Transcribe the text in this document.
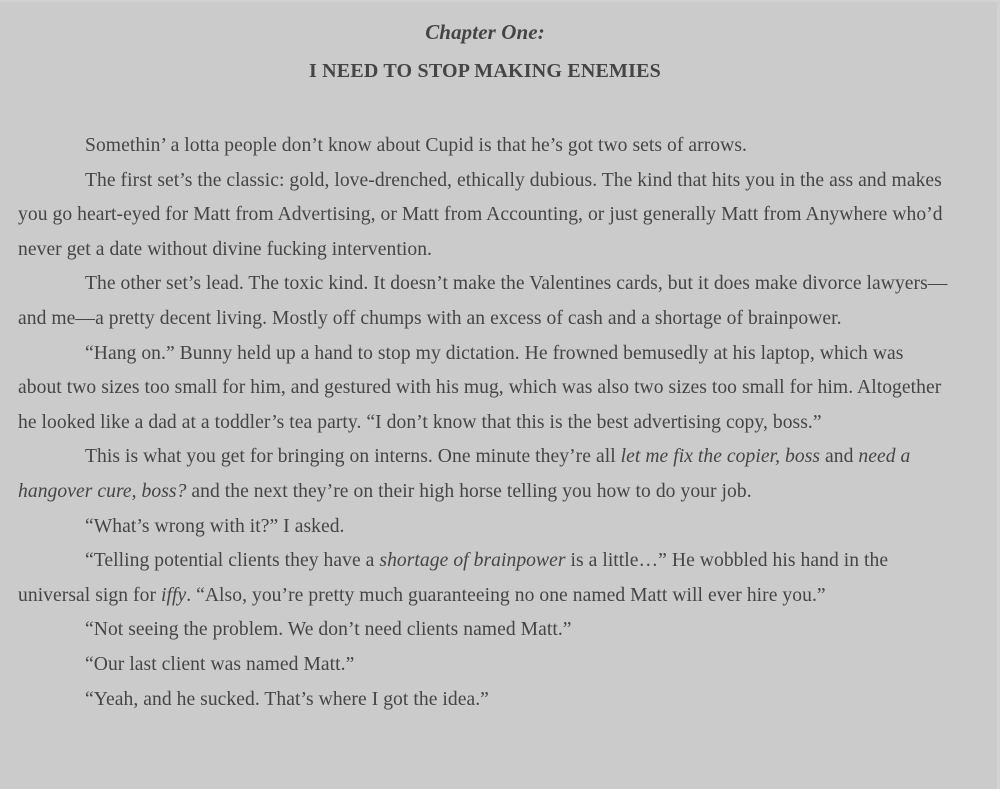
Chapter One:
I NEED TO STOP MAKING ENEMIES

Somethin’ a lotta people don’t know about Cupid is that he’s got two sets of arrows.

The first set’s the classic: gold, love-drenched, ethically dubious. The kind that hits you in the ass and makes you go heart-eyed for Matt from Advertising, or Matt from Accounting, or just generally Matt from Anywhere who’d never get a date without divine fucking intervention.

The other set’s lead. The toxic kind. It doesn’t make the Valentines cards, but it does make divorce lawyers—and me—a pretty decent living. Mostly off chumps with an excess of cash and a shortage of brainpower.

“Hang on.” Bunny held up a hand to stop my dictation. He frowned bemusedly at his laptop, which was about two sizes too small for him, and gestured with his mug, which was also two sizes too small for him. Altogether he looked like a dad at a toddler’s tea party. “I don’t know that this is the best advertising copy, boss.”

This is what you get for bringing on interns. One minute they’re all let me fix the copier, boss and need a hangover cure, boss? and the next they’re on their high horse telling you how to do your job.

“What’s wrong with it?” I asked.

“Telling potential clients they have a shortage of brainpower is a little…” He wobbled his hand in the universal sign for iffy. “Also, you’re pretty much guaranteeing no one named Matt will ever hire you.”

“Not seeing the problem. We don’t need clients named Matt.”

“Our last client was named Matt.”

“Yeah, and he sucked. That’s where I got the idea.”
